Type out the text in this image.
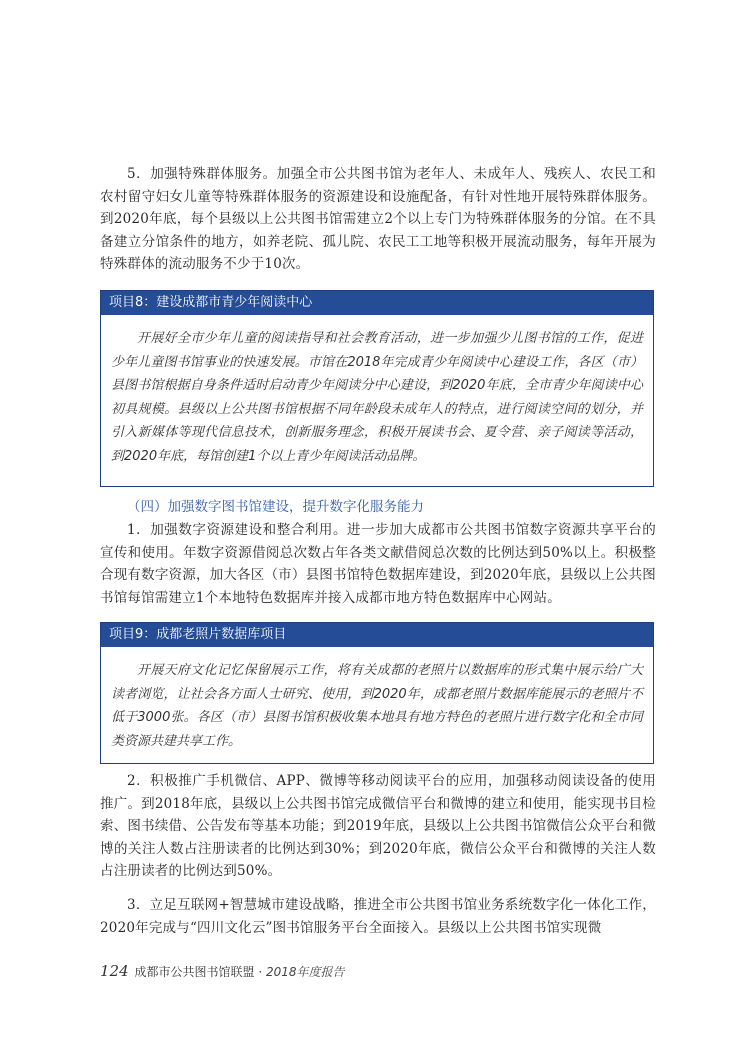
5．加强特殊群体服务。加强全市公共图书馆为老年人、未成年人、残疾人、农民工和农村留守妇女儿童等特殊群体服务的资源建设和设施配备，有针对性地开展特殊群体服务。到2020年底，每个县级以上公共图书馆需建立2个以上专门为特殊群体服务的分馆。在不具备建立分馆条件的地方，如养老院、孤儿院、农民工工地等积极开展流动服务，每年开展为特殊群体的流动服务不少于10次。

项目8：建设成都市青少年阅读中心
开展好全市少年儿童的阅读指导和社会教育活动，进一步加强少儿图书馆的工作，促进少年儿童图书馆事业的快速发展。市馆在2018年完成青少年阅读中心建设工作，各区（市）县图书馆根据自身条件适时启动青少年阅读分中心建设，到2020年底，全市青少年阅读中心初具规模。县级以上公共图书馆根据不同年龄段未成年人的特点，进行阅读空间的划分，并引入新媒体等现代信息技术，创新服务理念，积极开展读书会、夏令营、亲子阅读等活动，到2020年底，每馆创建1个以上青少年阅读活动品牌。

（四）加强数字图书馆建设，提升数字化服务能力

1．加强数字资源建设和整合利用。进一步加大成都市公共图书馆数字资源共享平台的宣传和使用。年数字资源借阅总次数占年各类文献借阅总次数的比例达到50%以上。积极整合现有数字资源，加大各区（市）县图书馆特色数据库建设，到2020年底，县级以上公共图书馆每馆需建立1个本地特色数据库并接入成都市地方特色数据库中心网站。

项目9：成都老照片数据库项目
开展天府文化记忆保留展示工作，将有关成都的老照片以数据库的形式集中展示给广大读者浏览，让社会各方面人士研究、使用，到2020年，成都老照片数据库能展示的老照片不低于3000张。各区（市）县图书馆积极收集本地具有地方特色的老照片进行数字化和全市同类资源共建共享工作。

2．积极推广手机微信、APP、微博等移动阅读平台的应用，加强移动阅读设备的使用推广。到2018年底，县级以上公共图书馆完成微信平台和微博的建立和使用，能实现书目检索、图书续借、公告发布等基本功能；到2019年底，县级以上公共图书馆微信公众平台和微博的关注人数占注册读者的比例达到30%；到2020年底，微信公众平台和微博的关注人数占注册读者的比例达到50%。

3．立足互联网+智慧城市建设战略，推进全市公共图书馆业务系统数字化一体化工作，2020年完成与“四川文化云”图书馆服务平台全面接入。县级以上公共图书馆实现微

124 成都市公共图书馆联盟 · 2018年度报告
